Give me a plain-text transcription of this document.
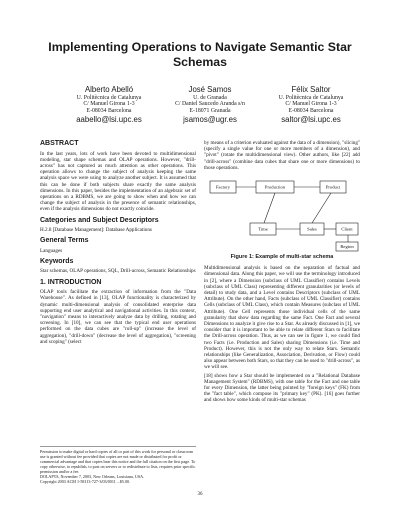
Implementing Operations to Navigate Semantic Star Schemas
Alberto Abelló
U. Politècnica de Catalunya
C/ Manuel Girona 1-3
E-08034 Barcelona
aabello@lsi.upc.es
José Samos
U. de Granada
C/ Daniel Saucedo Aranda s/n
E-18071 Granada
jsamos@ugr.es
Félix Saltor
U. Politècnica de Catalunya
C/ Manuel Girona 1-3
E-08034 Barcelona
saltor@lsi.upc.es
ABSTRACT

In the last years, lots of work have been devoted to multidimensional modeling, star shape schemas and OLAP operations. However, "drill-across" has not captured as much attention as other operations. This operation allows to change the subject of analysis keeping the same analysis space we were using to analyze another subject. It is assumed that this can be done if both subjects share exactly the same analysis dimensions. In this paper, besides the implementation of an algebraic set of operations on a RDBMS, we are going to show when and how we can change the subject of analysis in the presence of semantic relationships, even if the analysis dimensions do not exactly coincide.

Categories and Subject Descriptors

H.2.8 [Database Management]: Database Applications

General Terms

Languages

Keywords

Star schemas, OLAP operations, SQL, Drill-across, Semantic Relationships

1. INTRODUCTION

OLAP tools facilitate the extraction of information from the "Data Warehouse". As defined in [13], OLAP functionality is characterized by dynamic multi-dimensional analysis of consolidated enterprise data supporting end user analytical and navigational activities. In this context, "navigation" means to interactively analyze data by drilling, rotating and screening. In [10], we can see that the typical end user operations performed on the data cubes are "roll-up" (increase the level of aggregation), "drill-down" (decrease the level of aggregation), "screening and scoping" (select

Permission to make digital or hard copies of all or part of this work for personal or classroom use is granted without fee provided that copies are not made or distributed for profit or commercial advantage and that copies bear this notice and the full citation on the first page. To copy otherwise, to republish, to post on servers or to redistribute to lists, requires prior specific permission and/or a fee.
DOLAP'03, November 7, 2003, New Orleans, Louisiana, USA.
Copyright 2003 ACM 1-58113-727-3/03/0011 ...$5.00.

by means of a criterion evaluated against the data of a dimension), "slicing" (specify a single value for one or more members of a dimension), and "pivot" (rotate the multidimensional view). Other authors, like [22] add "drill-across" (combine data cubes that share one or more dimensions) to those operations.

Factory	Production	Product
Time	Sales	Client
Region
Figure 1: Example of multi-star schema

Multidimensional analysis is based on the separation of factual and dimensional data. Along this paper, we will use the terminology introduced in [2], where a Dimension (subclass of UML Classifier) contains Levels (subclass of UML Class) representing different granularities (or levels of detail) to study data, and a Level contains Descriptors (subclass of UML Attribute). On the other hand, Facts (subclass of UML Classifier) contains Cells (subclass of UML Class), which contain Measures (subclass of UML Attribute). One Cell represents those individual cells of the same granularity that show data regarding the same Fact. One Fact and several Dimensions to analyze it give rise to a Star. As already discussed in [1], we consider that it is important to be able to relate different Stars to facilitate the Drill-across operation. Thus, as we can see in figure 1, we could find two Facts (i.e. Production and Sales) sharing Dimensions (i.e. Time and Product). However, this is not the only way to relate Stars. Semantic relationships (like Generalization, Association, Derivation, or Flow) could also appear between both Stars, so that they can be used to "drill-across", as we will see.

[18] shows how a Star should be implemented on a "Relational Database Management System" (RDBMS), with one table for the Fact and one table for every Dimension, the latter being pointed by "foreign keys" (FK) from the "fact table", which compose its "primary key" (PK). [16] goes further and shows how some kinds of multi-star schemas

36
